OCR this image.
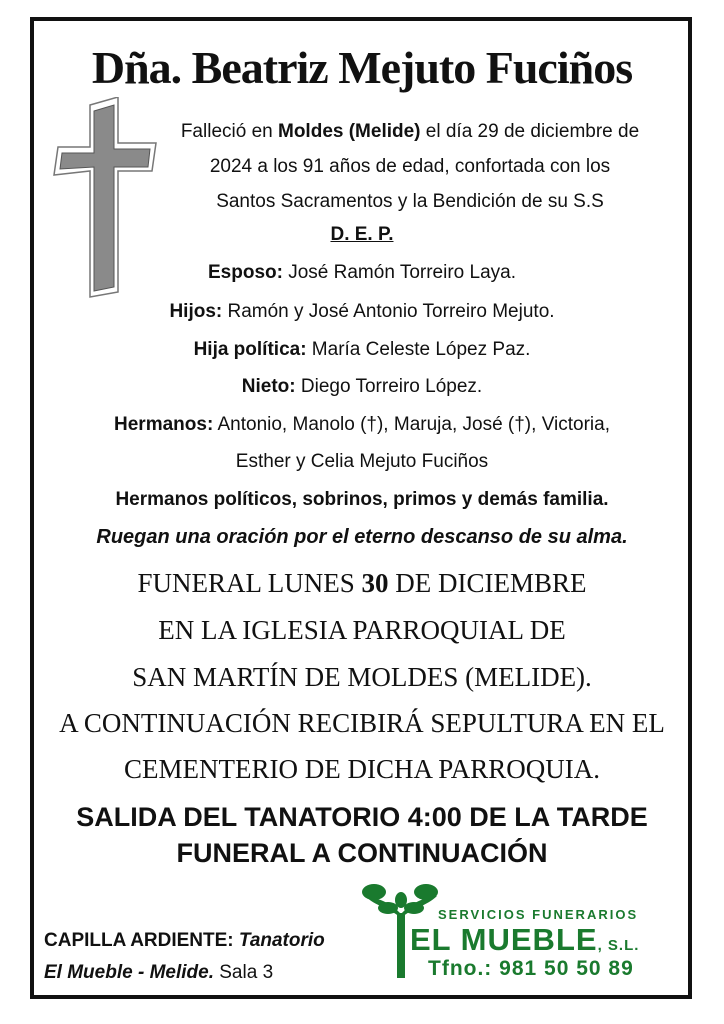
Dña. Beatriz Mejuto Fuciños
Falleció en Moldes (Melide) el día 29 de diciembre de 2024 a los 91 años de edad, confortada con los Santos Sacramentos y la Bendición de su S.S
D. E. P.
Esposo: José Ramón Torreiro Laya.
Hijos: Ramón y José Antonio Torreiro Mejuto.
Hija política: María Celeste López Paz.
Nieto: Diego Torreiro López.
Hermanos: Antonio, Manolo (†), Maruja, José (†), Victoria,
Esther y Celia Mejuto Fuciños
Hermanos políticos, sobrinos, primos y demás familia.
Ruegan una oración por el eterno descanso de su alma.
FUNERAL LUNES 30 DE DICIEMBRE
EN LA IGLESIA PARROQUIAL DE
SAN MARTÍN DE MOLDES (MELIDE).
A CONTINUACIÓN RECIBIRÁ SEPULTURA EN EL
CEMENTERIO DE DICHA PARROQUIA.
SALIDA DEL TANATORIO 4:00 DE LA TARDE
FUNERAL A CONTINUACIÓN
CAPILLA ARDIENTE: Tanatorio
El Mueble - Melide. Sala 3
SERVICIOS FUNERARIOS
EL MUEBLE, S.L.
Tfno.: 981 50 50 89
